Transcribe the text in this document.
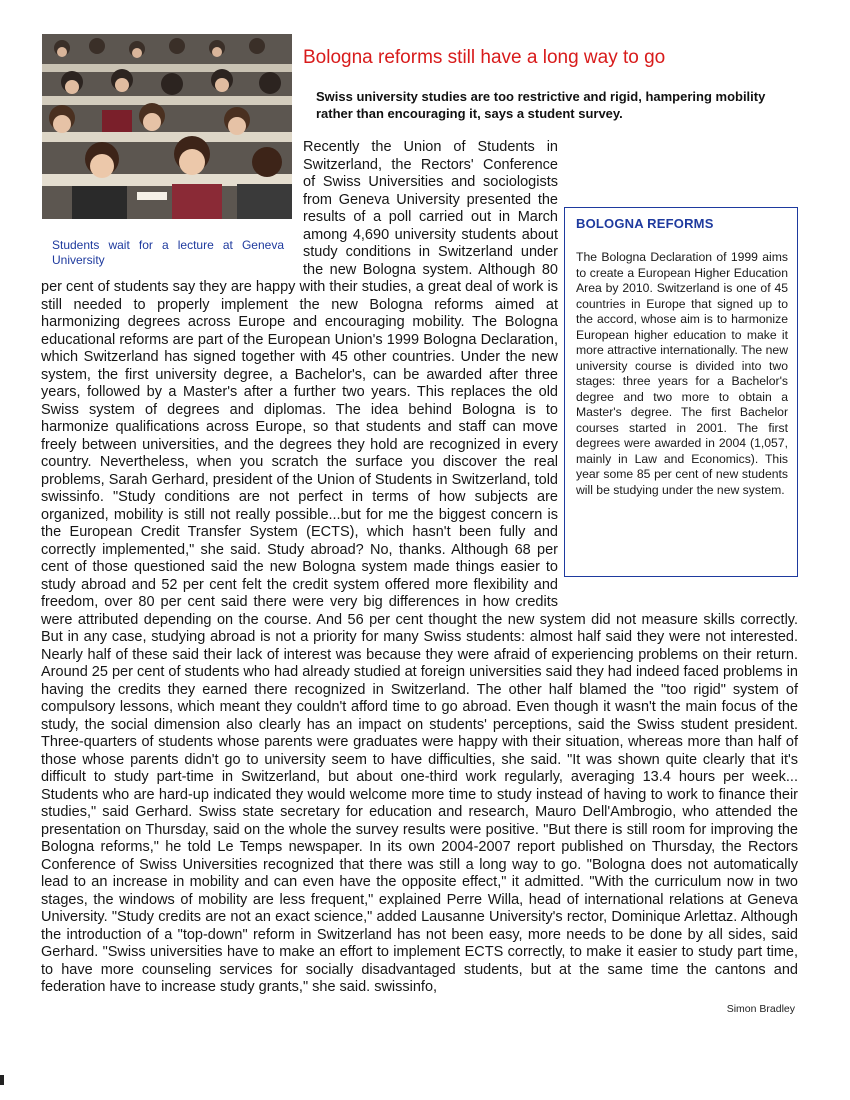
Students wait for a lecture at Geneva University
Bologna reforms still have a long way to go

Swiss university studies are too restrictive and rigid, hampering mobility rather than encouraging it, says a student survey.

Recently the Union of Students in Switzerland, the Rectors' Conference of Swiss Universities and sociologists from Geneva University presented the results of a poll carried out in March among 4,690 university students about study conditions in Switzerland under the new Bologna system. Although 80 per cent of students say they are happy with their studies, a great deal of work is still needed to properly implement the new Bologna reforms aimed at harmonizing degrees across Europe and encouraging mobility. The Bologna educational reforms are part of the European Union's 1999 Bologna Declaration, which Switzerland has signed together with 45 other countries. Under the new system, the first university degree, a Bachelor's, can be awarded after three years, followed by a Master's after a further two years. This replaces the old Swiss system of degrees and diplomas. The idea behind Bologna is to harmonize qualifications across Europe, so that students and staff can move freely between universities, and the degrees they hold are recognized in every country. Nevertheless, when you scratch the surface you discover the real problems, Sarah Gerhard, president of the Union of Students in Switzerland, told swissinfo. "Study conditions are not perfect in terms of how subjects are organized, mobility is still not really possible...but for me the biggest concern is the European Credit Transfer System (ECTS), which hasn't been fully and correctly implemented," she said. Study abroad? No, thanks. Although 68 per cent of those questioned said the new Bologna system made things easier to study abroad and 52 per cent felt the credit system offered more flexibility and freedom, over 80 per cent said there were very big differences in how credits were attributed depending on the course. And 56 per cent thought the new system did not measure skills correctly. But in any case, studying abroad is not a priority for many Swiss students: almost half said they were not interested. Nearly half of these said their lack of interest was because they were afraid of experiencing problems on their return. Around 25 per cent of students who had already studied at foreign universities said they had indeed faced problems in having the credits they earned there recognized in Switzerland. The other half blamed the "too rigid" system of compulsory lessons, which meant they couldn't afford time to go abroad. Even though it wasn't the main focus of the study, the social dimension also clearly has an impact on students' perceptions, said the Swiss student president. Three-quarters of students whose parents were graduates were happy with their situation, whereas more than half of those whose parents didn't go to university seem to have difficulties, she said. "It was shown quite clearly that it's difficult to study part-time in Switzerland, but about one-third work regularly, averaging 13.4 hours per week... Students who are hard-up indicated they would welcome more time to study instead of having to work to finance their studies," said Gerhard. Swiss state secretary for education and research, Mauro Dell'Ambrogio, who attended the presentation on Thursday, said on the whole the survey results were positive. "But there is still room for improving the Bologna reforms," he told Le Temps newspaper. In its own 2004-2007 report published on Thursday, the Rectors Conference of Swiss Universities recognized that there was still a long way to go. "Bologna does not automatically lead to an increase in mobility and can even have the opposite effect," it admitted. "With the curriculum now in two stages, the windows of mobility are less frequent," explained Perre Willa, head of international relations at Geneva University. "Study credits are not an exact science," added Lausanne University's rector, Dominique Arlettaz. Although the introduction of a "top-down" reform in Switzerland has not been easy, more needs to be done by all sides, said Gerhard. "Swiss universities have to make an effort to implement ECTS correctly, to make it easier to study part time, to have more counseling services for socially disadvantaged students, but at the same time the cantons and federation have to increase study grants," she said. swissinfo,

BOLOGNA REFORMS

The Bologna Declaration of 1999 aims to create a European Higher Education Area by 2010. Switzerland is one of 45 countries in Europe that signed up to the accord, whose aim is to harmonize European higher education to make it more attractive internationally. The new university course is divided into two stages: three years for a Bachelor's degree and two more to obtain a Master's degree. The first Bachelor courses started in 2001. The first degrees were awarded in 2004 (1,057, mainly in Law and Economics). This year some 85 per cent of new students will be studying under the new system.

Simon Bradley
